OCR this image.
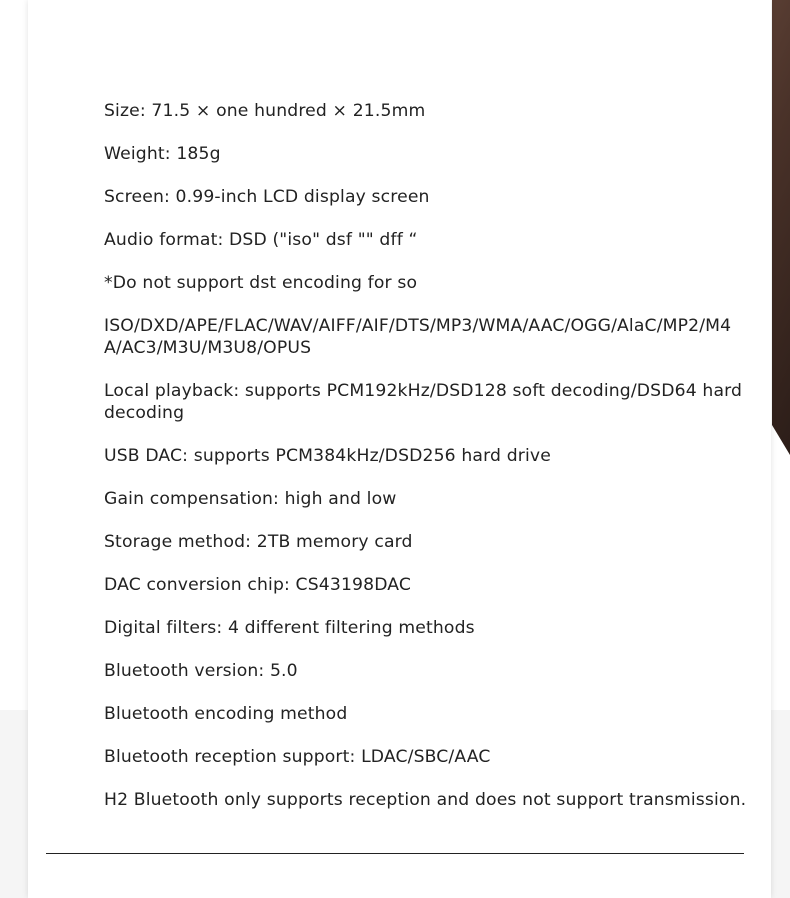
Size: 71.5 × one hundred × 21.5mm
Weight: 185g
Screen: 0.99-inch LCD display screen
Audio format: DSD ("iso" dsf "" dff “
*Do not support dst encoding for so
ISO/DXD/APE/FLAC/WAV/AIFF/AIF/DTS/MP3/WMA/AAC/OGG/AlaC/MP2/M4A/AC3/M3U/M3U8/OPUS
Local playback: supports PCM192kHz/DSD128 soft decoding/DSD64 hard decoding
USB DAC: supports PCM384kHz/DSD256 hard drive
Gain compensation: high and low
Storage method: 2TB memory card
DAC conversion chip: CS43198DAC
Digital filters: 4 different filtering methods
Bluetooth version: 5.0
Bluetooth encoding method
Bluetooth reception support: LDAC/SBC/AAC
H2 Bluetooth only supports reception and does not support transmission.
